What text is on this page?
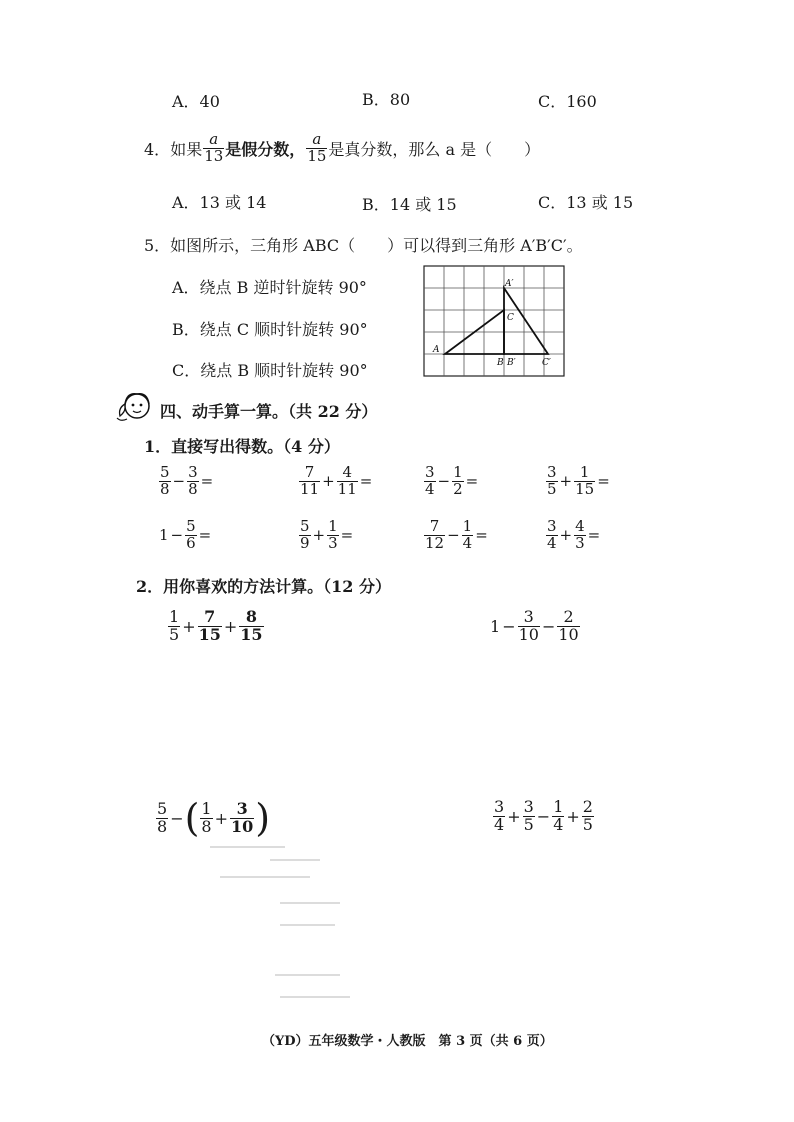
A．40	B．80	C．160
4． 如果 $\frac{a}{13}$ 是假分数， $\frac{a}{15}$ 是真分数，那么 a 是（　　）
A．13 或 14	B．14 或 15	C．13 或 15
5．如图所示，三角形 ABC（　　）可以得到三角形 A′B′C′。
A．绕点 B 逆时针旋转 90°
B．绕点 C 顺时针旋转 90°
C．绕点 B 顺时针旋转 90°
A
A′
C
B B′	C′
四、动手算一算。（共 22 分）
1．直接写出得数。（4 分）
$\frac{5}{8} - \frac{3}{8}$ =	$\frac{7}{11} + \frac{4}{11}$ =	$\frac{3}{4} - \frac{1}{2}$ =	$\frac{3}{5} + \frac{1}{15}$ =
$1 - \frac{5}{6}$ =	$\frac{5}{9} + \frac{1}{3}$ =	$\frac{7}{12} - \frac{1}{4}$ =	$\frac{3}{4} + \frac{4}{3}$ =
2．用你喜欢的方法计算。（12 分）
$\frac{1}{5} + \frac{7}{15} + \frac{8}{15}$	$1 - \frac{3}{10} - \frac{2}{10}$
$\frac{5}{8}$ − ( $\frac{1}{8} + \frac{3}{10}$ )	$\frac{3}{4} + \frac{3}{5} - \frac{1}{4} + \frac{2}{5}$
（YD）五年级数学・人教版　第 3 页（共 6 页）
